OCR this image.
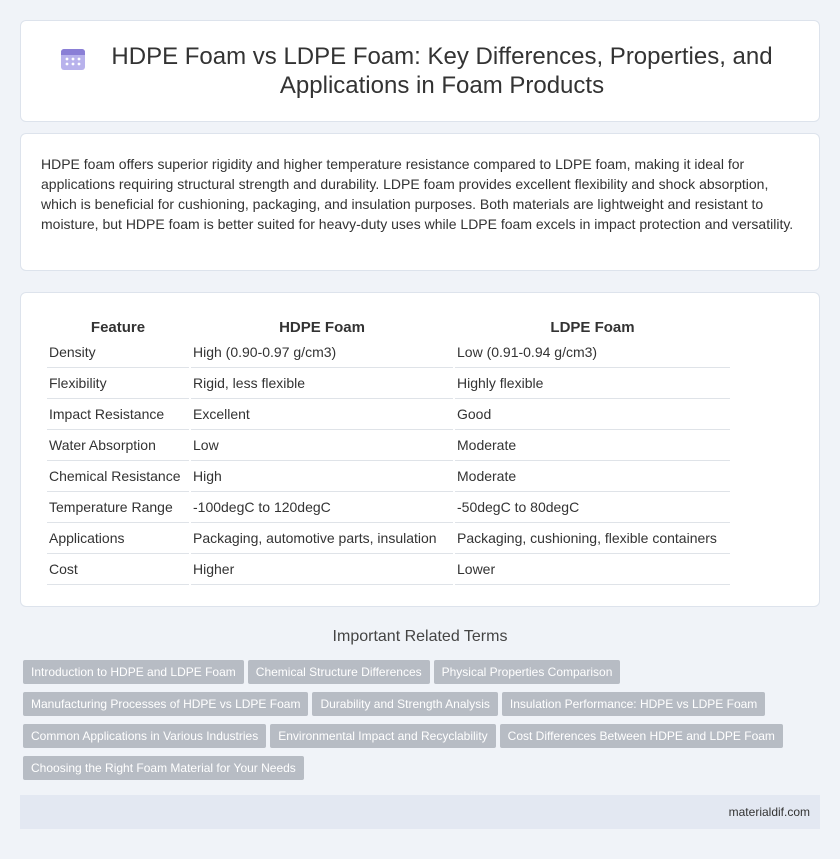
HDPE Foam vs LDPE Foam: Key Differences, Properties, and Applications in Foam Products

HDPE foam offers superior rigidity and higher temperature resistance compared to LDPE foam, making it ideal for applications requiring structural strength and durability. LDPE foam provides excellent flexibility and shock absorption, which is beneficial for cushioning, packaging, and insulation purposes. Both materials are lightweight and resistant to moisture, but HDPE foam is better suited for heavy-duty uses while LDPE foam excels in impact protection and versatility.

Feature	HDPE Foam	LDPE Foam
Density	High (0.90-0.97 g/cm3)	Low (0.91-0.94 g/cm3)
Flexibility	Rigid, less flexible	Highly flexible
Impact Resistance	Excellent	Good
Water Absorption	Low	Moderate
Chemical Resistance	High	Moderate
Temperature Range	-100degC to 120degC	-50degC to 80degC
Applications	Packaging, automotive parts, insulation	Packaging, cushioning, flexible containers
Cost	Higher	Lower
Important Related Terms
Introduction to HDPE and LDPE Foam Chemical Structure Differences Physical Properties Comparison
Manufacturing Processes of HDPE vs LDPE Foam Durability and Strength Analysis Insulation Performance: HDPE vs LDPE Foam
Common Applications in Various Industries Environmental Impact and Recyclability Cost Differences Between HDPE and LDPE Foam
Choosing the Right Foam Material for Your Needs
materialdif.com
